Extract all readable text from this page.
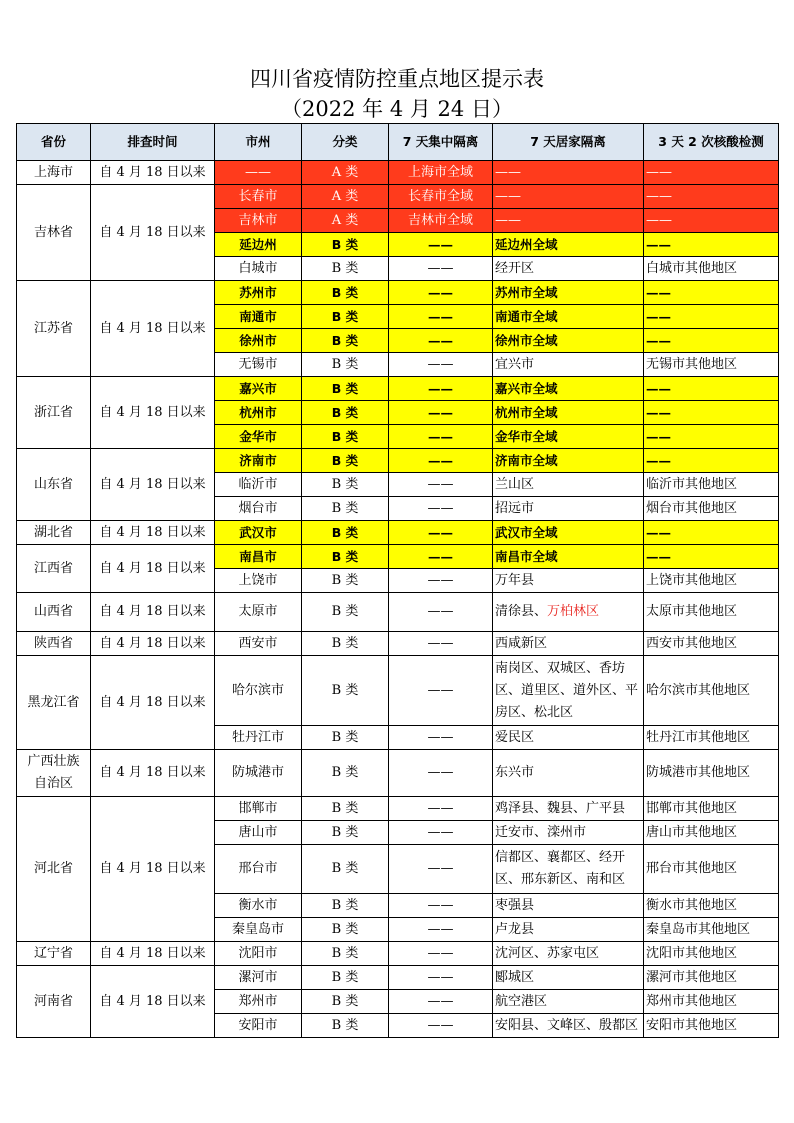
四川省疫情防控重点地区提示表
（2022 年 4 月 24 日）
省份	排查时间	市州	分类	7 天集中隔离	7 天居家隔离	3 天 2 次核酸检测
上海市	自 4 月 18 日以来	——	A 类	上海市全域	——	——
吉林省	自 4 月 18 日以来	长春市	A 类	长春市全域	——	——
		吉林市	A 类	吉林市全域	——	——
		延边州	B 类	——	延边州全域	——
		白城市	B 类	——	经开区	白城市其他地区
江苏省	自 4 月 18 日以来	苏州市	B 类	——	苏州市全域	——
		南通市	B 类	——	南通市全域	——
		徐州市	B 类	——	徐州市全域	——
		无锡市	B 类	——	宜兴市	无锡市其他地区
浙江省	自 4 月 18 日以来	嘉兴市	B 类	——	嘉兴市全域	——
		杭州市	B 类	——	杭州市全域	——
		金华市	B 类	——	金华市全域	——
山东省	自 4 月 18 日以来	济南市	B 类	——	济南市全域	——
		临沂市	B 类	——	兰山区	临沂市其他地区
		烟台市	B 类	——	招远市	烟台市其他地区
湖北省	自 4 月 18 日以来	武汉市	B 类	——	武汉市全域	——
江西省	自 4 月 18 日以来	南昌市	B 类	——	南昌市全域	——
		上饶市	B 类	——	万年县	上饶市其他地区
山西省	自 4 月 18 日以来	太原市	B 类	——	清徐县、万柏林区	太原市其他地区
陕西省	自 4 月 18 日以来	西安市	B 类	——	西咸新区	西安市其他地区
黑龙江省	自 4 月 18 日以来	哈尔滨市	B 类	——	南岗区、双城区、香坊区、道里区、道外区、平房区、松北区	哈尔滨市其他地区
		牡丹江市	B 类	——	爱民区	牡丹江市其他地区
广西壮族自治区	自 4 月 18 日以来	防城港市	B 类	——	东兴市	防城港市其他地区
河北省	自 4 月 18 日以来	邯郸市	B 类	——	鸡泽县、魏县、广平县	邯郸市其他地区
		唐山市	B 类	——	迁安市、滦州市	唐山市其他地区
		邢台市	B 类	——	信都区、襄都区、经开区、邢东新区、南和区	邢台市其他地区
		衡水市	B 类	——	枣强县	衡水市其他地区
		秦皇岛市	B 类	——	卢龙县	秦皇岛市其他地区
辽宁省	自 4 月 18 日以来	沈阳市	B 类	——	沈河区、苏家屯区	沈阳市其他地区
河南省	自 4 月 18 日以来	漯河市	B 类	——	郾城区	漯河市其他地区
		郑州市	B 类	——	航空港区	郑州市其他地区
		安阳市	B 类	——	安阳县、文峰区、殷都区	安阳市其他地区
